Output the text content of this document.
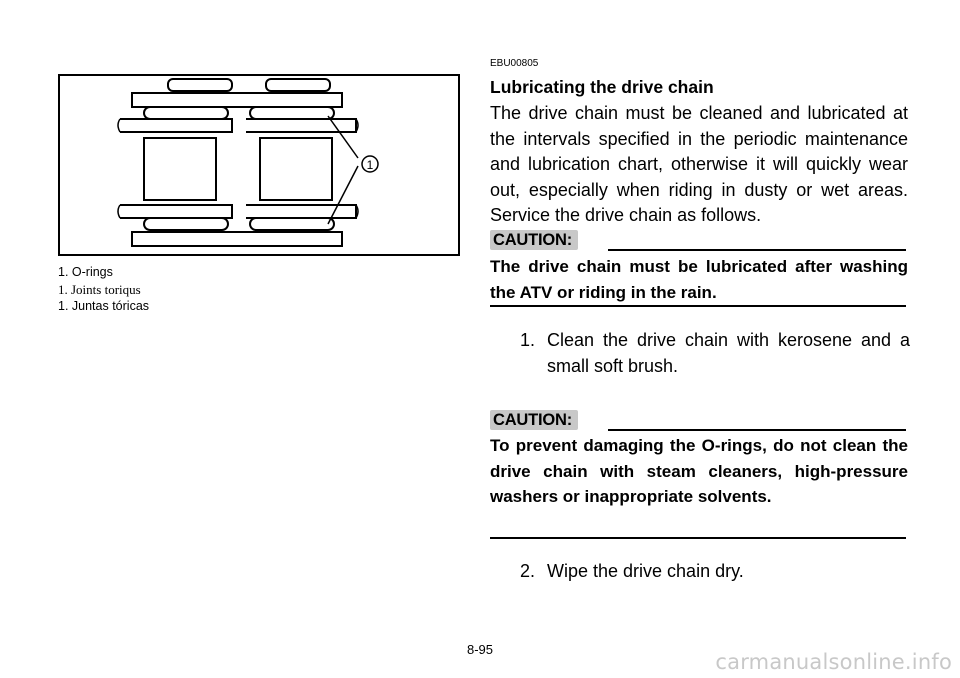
1
1. O-rings
1. Joints toriqus
1. Juntas tóricas
EBU00805
Lubricating the drive chain
The drive chain must be cleaned and lubricated at the intervals specified in the periodic maintenance and lubrication chart, otherwise it will quickly wear out, especially when riding in dusty or wet areas. Service the drive chain as follows.
CAUTION:
The drive chain must be lubricated after washing the ATV or riding in the rain.
1. Clean the drive chain with kerosene and a small soft brush.
CAUTION:
To prevent damaging the O-rings, do not clean the drive chain with steam cleaners, high-pressure washers or inappropriate solvents.
2. Wipe the drive chain dry.
8-95
carmanualsonline.info
